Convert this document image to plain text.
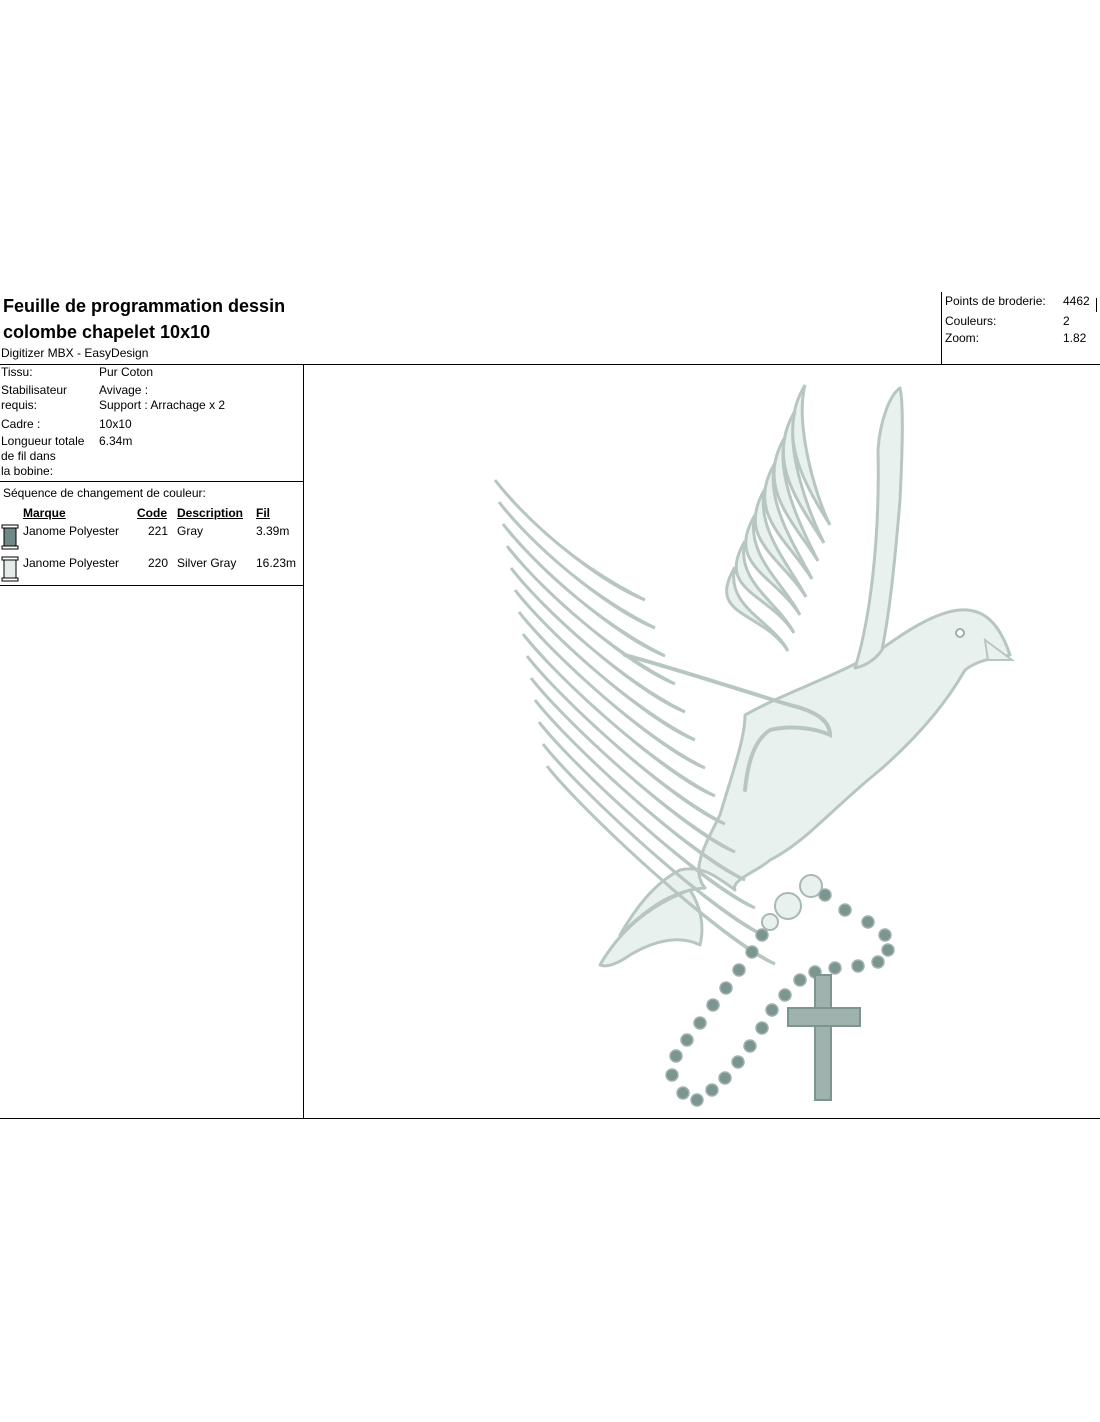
Feuille de programmation dessin
colombe chapelet 10x10
Digitizer MBX - EasyDesign
Points de broderie: 4462
Couleurs:	2
Zoom:	1.82
Tissu:	Pur Coton
Stabilisateur
requis:
Avivage :
Support : Arrachage x 2
Cadre :	10x10
Longueur totale
de fil dans
la bobine:
6.34m
Séquence de changement de couleur:
Marque	Code Description Fil
Janome Polyester 221 Gray	3.39m
Janome Polyester 220 Silver Gray 16.23m
